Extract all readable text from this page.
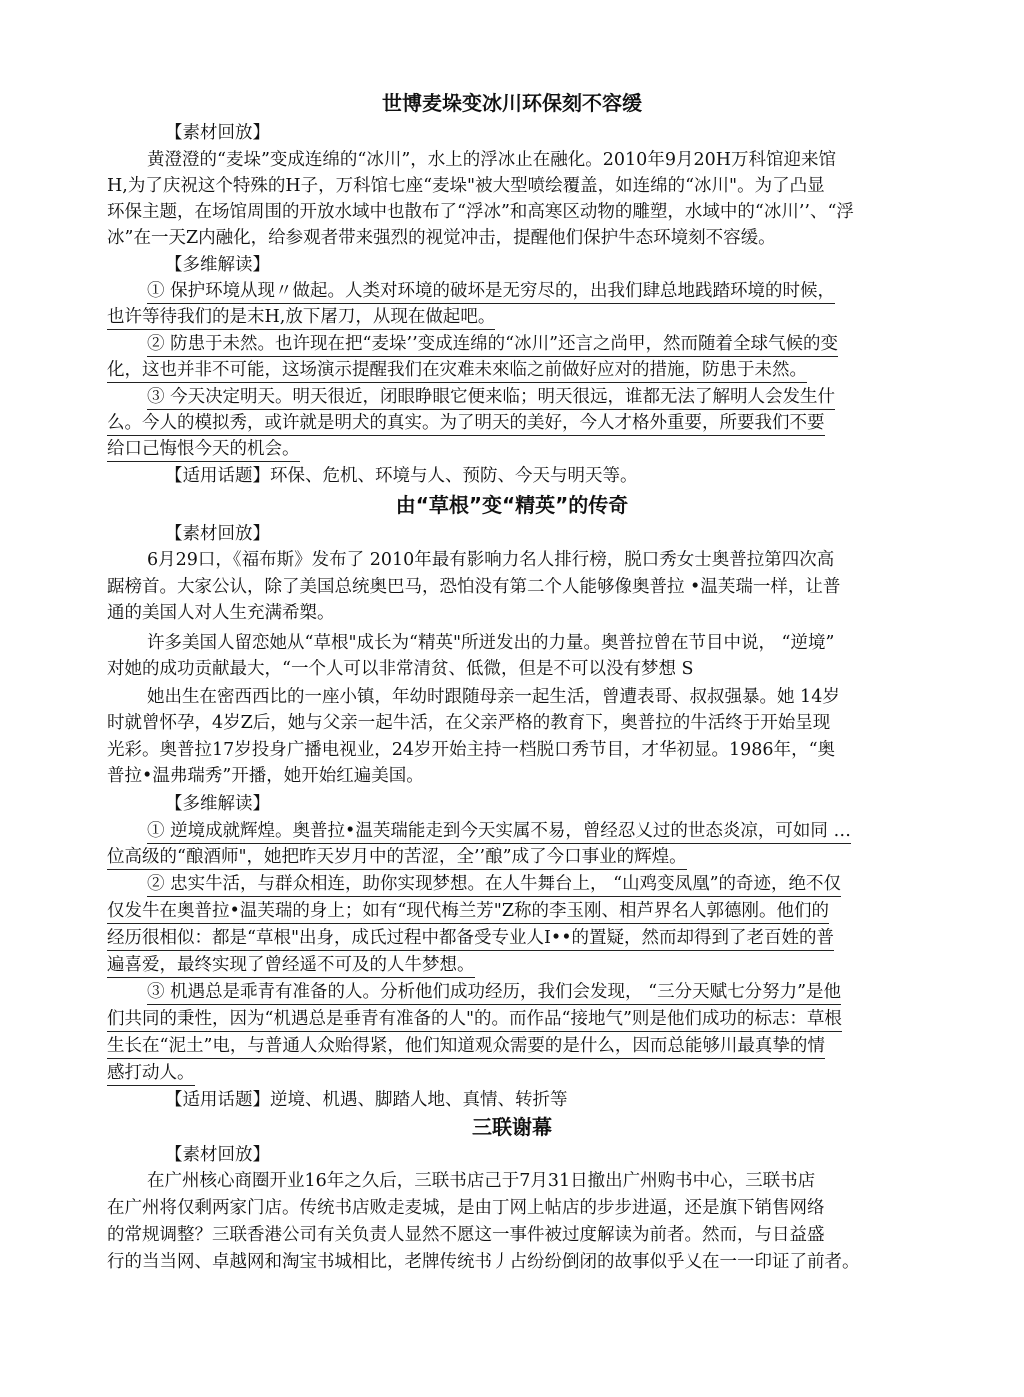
世博麦垛变冰川环保刻不容缓
【素材回放】
黄澄澄的“麦垛”变成连绵的“冰川”，水上的浮冰止在融化。2010年9月20H万科馆迎来馆
H,为了庆祝这个特殊的H子，万科馆七座“麦垛"被大型喷绘覆盖，如连绵的“冰川"。为了凸显
环保主题，在场馆周围的开放水域中也散布了“浮冰”和高寒区动物的雕塑，水域中的“冰川’’、“浮
冰”在一天Z内融化，给参观者带来强烈的视觉冲击，提醒他们保护牛态环境刻不容缓。
【多维解读】
① 保护环境从现〃做起。人类对环境的破坏是无穷尽的，出我们肆总地践踏环境的时候，
也许等待我们的是末H,放下屠刀，从现在做起吧。
② 防患于未然。也许现在把“麦垛’’变成连绵的“冰川”还言之尚甲，然而随着全球气候的变
化，这也并非不可能，这场演示提醒我们在灾难未來临之前做好应对的措施，防患于未然。
③ 今天决定明天。明天很近，闭眼睁眼它便来临；明天很远，谁都无法了解明人会发生什
么。今人的模拟秀，或许就是明犬的真实。为了明天的美好，今人才格外重要，所要我们不要
给口己悔恨今天的机会。
【适用话题】环保、危机、环境与人、预防、今天与明天等。
由“草根”变“精英”的传奇
【素材回放】
6月29口，《福布斯》发布了 2010年最有影响力名人排行榜，脱口秀女士奥普拉第四次高
踞榜首。大家公认，除了美国总统奥巴马，恐怕没有第二个人能够像奥普拉 •温芙瑞一样，让普
通的美国人对人生充满希槊。
许多美国人留恋她从“草根"成长为“精英"所迸发出的力量。奥普拉曾在节目中说， “逆境”
对她的成功贡献最大，“一个人可以非常清贫、低微，但是不可以没有梦想 S
她出生在密西西比的一座小镇，年幼时跟随母亲一起生活，曾遭表哥、叔叔强暴。她 14岁
时就曾怀孕，4岁Z后，她与父亲一起牛活，在父亲严格的教育下，奥普拉的牛活终于开始呈现
光彩。奥普拉17岁投身广播电视业，24岁开始主持一档脱口秀节目，才华初显。1986年，“奥
普拉•温弗瑞秀”开播，她开始红遍美国。
【多维解读】
① 逆境成就辉煌。奥普拉•温芙瑞能走到今天实属不易，曾经忍乂过的世态炎凉，可如同 …
位高级的“酿酒师"，她把昨天岁月中的苦涩，全’’酿”成了今口事业的辉煌。
② 忠实牛活，与群众相连，助你实现梦想。在人牛舞台上， “山鸡变凤凰”的奇迹，绝不仅
仅发牛在奥普拉•温芙瑞的身上；如有“现代梅兰芳"Z称的李玉刚、相芦界名人郭德刚。他们的
经历很相似：都是“草根"出身，成氏过程中都备受专业人I••的置疑，然而却得到了老百姓的普
遍喜爱，最终实现了曾经遥不可及的人牛梦想。
③ 机遇总是乖青有准备的人。分析他们成功经历，我们会发现， “三分天赋七分努力”是他
们共同的秉性，因为“机遇总是垂青有准备的人"的。而作品“接地气”则是他们成功的标志：草根
生长在“泥土”电，与普通人众贻得紧，他们知道观众需要的是什么，因而总能够川最真挚的情
感打动人。
【适用话题】逆境、机遇、脚踏人地、真情、转折等
三联谢幕
【素材回放】
在广州核心商圈开业16年之久后，三联书店己于7月31日撤出广州购书中心，三联书店
在广州将仅剩两家门店。传统书店败走麦城，是由丁网上帖店的步步进逼，还是旗下销售网络
的常规调整？三联香港公司有关负责人显然不愿这一事件被过度解读为前者。然而，与日益盛
行的当当网、卓越网和淘宝书城相比，老牌传统书丿占纷纷倒闭的故事似乎乂在一一印证了前者。
